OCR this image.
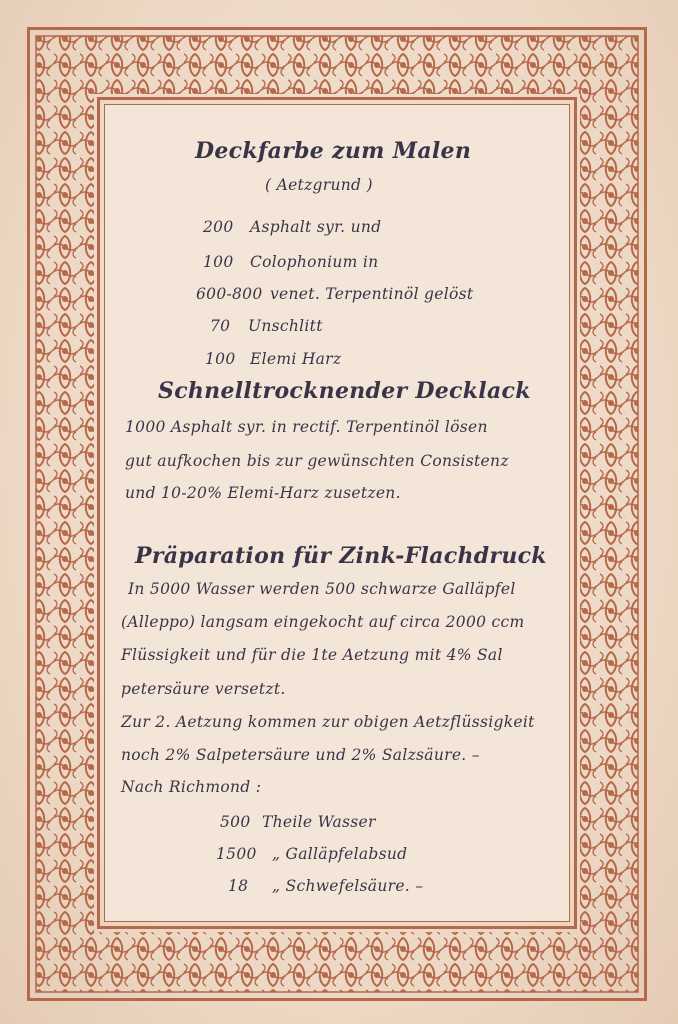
Deckfarbe zum Malen
( Aetzgrund )
200 Asphalt syr. und
100 Colophonium in
600-800 venet. Terpentinöl gelöst
70 Unschlitt
100 Elemi Harz
Schnelltrocknender Decklack
1000 Asphalt syr. in rectif. Terpentinöl lösen
gut aufkochen bis zur gewünschten Consistenz
und 10-20% Elemi-Harz zusetzen.
Präparation für Zink-Flachdruck
In 5000 Wasser werden 500 schwarze Galläpfel
(Alleppo) langsam eingekocht auf circa 2000 ccm
Flüssigkeit und für die 1te Aetzung mit 4% Sal
petersäure versetzt.
Zur 2. Aetzung kommen zur obigen Aetzflüssigkeit
noch 2% Salpetersäure und 2% Salzsäure. –
Nach Richmond :
500 Theile Wasser
1500 „ Galläpfelabsud
18 „ Schwefelsäure. –
